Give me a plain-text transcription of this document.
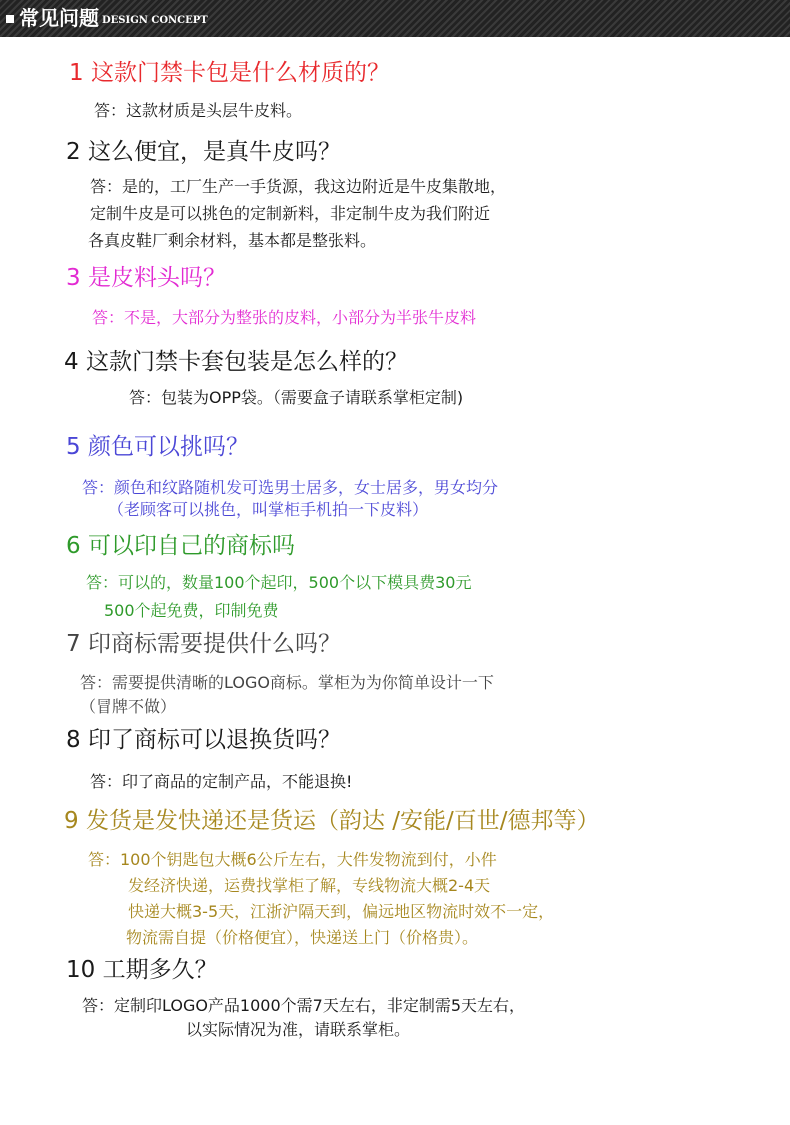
常见问题 DESIGN CONCEPT
1 这款门禁卡包是什么材质的？
答：这款材质是头层牛皮料。
2 这么便宜，是真牛皮吗？
答：是的，工厂生产一手货源，我这边附近是牛皮集散地，
定制牛皮是可以挑色的定制新料，非定制牛皮为我们附近
各真皮鞋厂剩余材料，基本都是整张料。
3 是皮料头吗？
答：不是，大部分为整张的皮料，小部分为半张牛皮料
4 这款门禁卡套包装是怎么样的？
答：包装为OPP袋。（需要盒子请联系掌柜定制)
5 颜色可以挑吗？
答：颜色和纹路随机发可选男士居多，女士居多，男女均分
（老顾客可以挑色，叫掌柜手机拍一下皮料）
6 可以印自己的商标吗
答：可以的，数量100个起印，500个以下模具费30元
500个起免费，印制免费
7 印商标需要提供什么吗？
答：需要提供清晰的LOGO商标。掌柜为为你简单设计一下
（冒牌不做）
8 印了商标可以退换货吗？
答：印了商品的定制产品，不能退换!
9 发货是发快递还是货运（韵达 /安能/百世/德邦等）
答：100个钥匙包大概6公斤左右，大件发物流到付，小件
发经济快递，运费找掌柜了解，专线物流大概2-4天
快递大概3-5天，江浙沪隔天到，偏远地区物流时效不一定，
物流需自提（价格便宜），快递送上门（价格贵）。
10 工期多久？
答：定制印LOGO产品1000个需7天左右，非定制需5天左右，
以实际情况为准，请联系掌柜。
